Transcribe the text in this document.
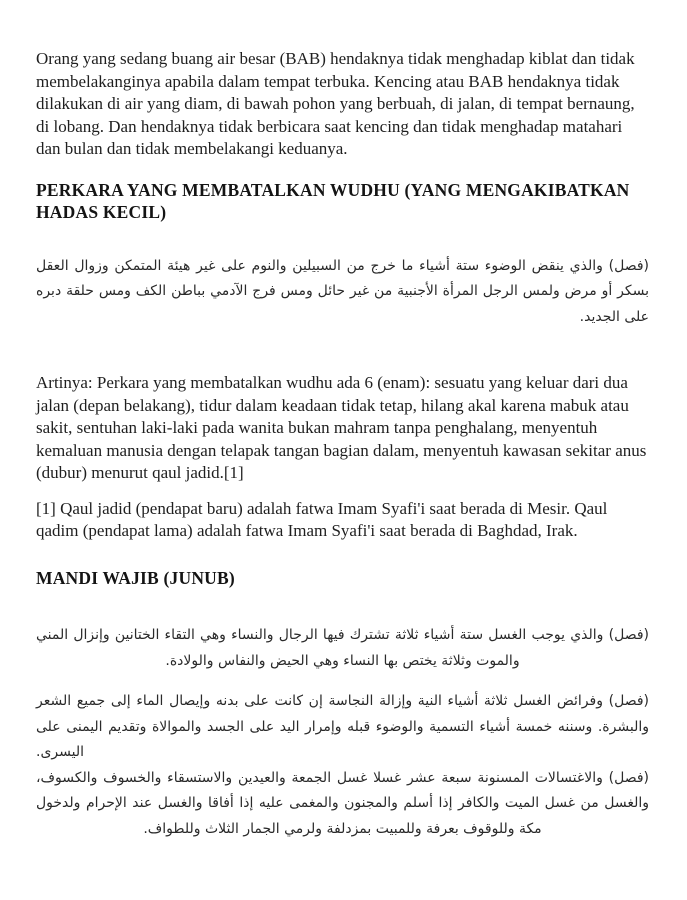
Orang yang sedang buang air besar (BAB) hendaknya tidak menghadap kiblat dan tidak membelakanginya apabila dalam tempat terbuka. Kencing atau BAB hendaknya tidak dilakukan di air yang diam, di bawah pohon yang berbuah, di jalan, di tempat bernaung, di lobang. Dan hendaknya tidak berbicara saat kencing dan tidak menghadap matahari dan bulan dan tidak membelakangi keduanya.

PERKARA YANG MEMBATALKAN WUDHU (YANG MENGAKIBATKAN HADAS KECIL)

(فصل) والذي ينقض الوضوء ستة أشياء ما خرج من السبيلين والنوم على غير هيئة المتمكن وزوال العقل بسكر أو مرض ولمس الرجل المرأة الأجنبية من غير حائل ومس فرج الآدمي بباطن الكف ومس حلقة دبره على الجديد.

Artinya: Perkara yang membatalkan wudhu ada 6 (enam): sesuatu yang keluar dari dua jalan (depan belakang), tidur dalam keadaan tidak tetap, hilang akal karena mabuk atau sakit, sentuhan laki-laki pada wanita bukan mahram tanpa penghalang, menyentuh kemaluan manusia dengan telapak tangan bagian dalam, menyentuh kawasan sekitar anus (dubur) menurut qaul jadid.[1]

[1] Qaul jadid (pendapat baru) adalah fatwa Imam Syafi'i saat berada di Mesir. Qaul qadim (pendapat lama) adalah fatwa Imam Syafi'i saat berada di Baghdad, Irak.

MANDI WAJIB (JUNUB)

(فصل) والذي يوجب الغسل ستة أشياء ثلاثة تشترك فيها الرجال والنساء وهي التقاء الختانين وإنزال المني والموت وثلاثة يختص بها النساء وهي الحيض والنفاس والولادة.

(فصل) وفرائض الغسل ثلاثة أشياء النية وإزالة النجاسة إن كانت على بدنه وإيصال الماء إلى جميع الشعر والبشرة. وسننه خمسة أشياء التسمية والوضوء قبله وإمرار اليد على الجسد والموالاة وتقديم اليمنى على اليسرى.

(فصل) والاغتسالات المسنونة سبعة عشر غسلا غسل الجمعة والعيدين والاستسقاء والخسوف والكسوف، والغسل من غسل الميت والكافر إذا أسلم والمجنون والمغمى عليه إذا أفاقا والغسل عند الإحرام ولدخول مكة وللوقوف بعرفة وللمبيت بمزدلفة ولرمي الجمار الثلاث وللطواف.
